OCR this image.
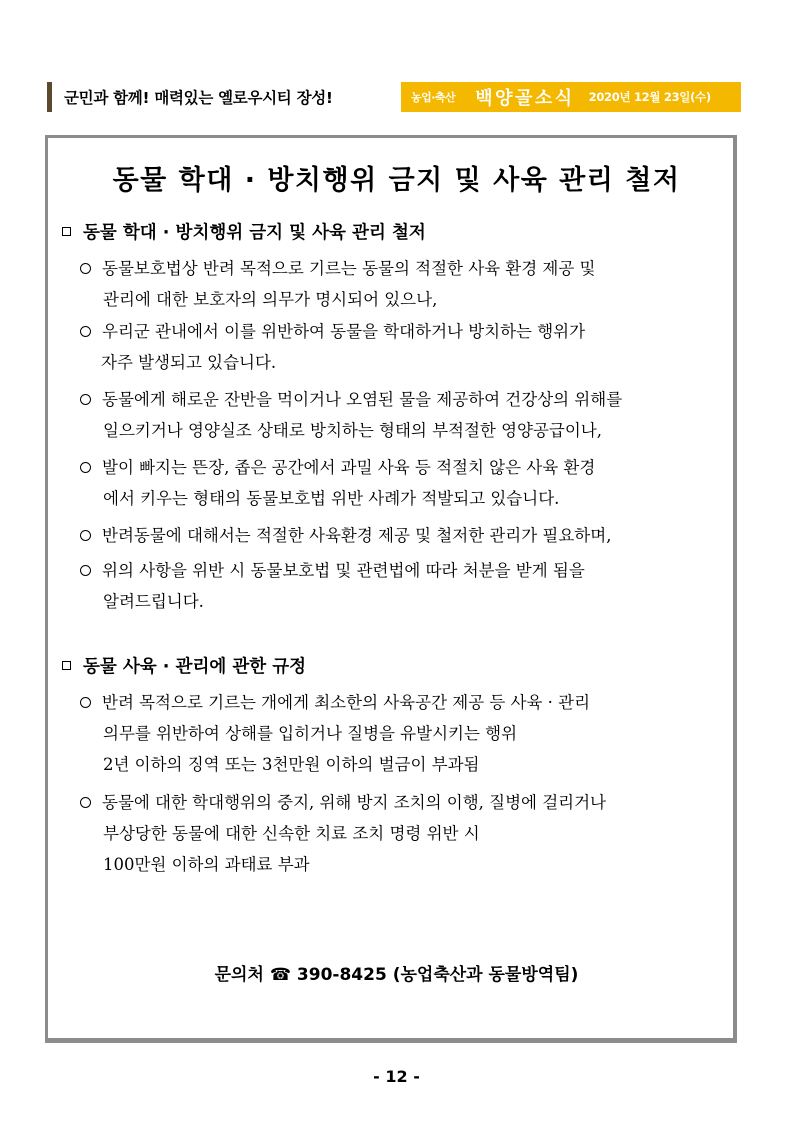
군민과 함께! 매력있는 옐로우시티 장성!	농업·축산 백양골소식 2020년 12월 23일(수)
동물 학대 · 방치행위 금지 및 사육 관리 철저
동물 학대 · 방치행위 금지 및 사육 관리 철저
동물보호법상 반려 목적으로 기르는 동물의 적절한 사육 환경 제공 및
관리에 대한 보호자의 의무가 명시되어 있으나,
우리군 관내에서 이를 위반하여 동물을 학대하거나 방치하는 행위가
자주 발생되고 있습니다.
동물에게 해로운 잔반을 먹이거나 오염된 물을 제공하여 건강상의 위해를
일으키거나 영양실조 상태로 방치하는 형태의 부적절한 영양공급이나,
발이 빠지는 뜬장, 좁은 공간에서 과밀 사육 등 적절치 않은 사육 환경
에서 키우는 형태의 동물보호법 위반 사례가 적발되고 있습니다.
반려동물에 대해서는 적절한 사육환경 제공 및 철저한 관리가 필요하며,
위의 사항을 위반 시 동물보호법 및 관련법에 따라 처분을 받게 됨을
알려드립니다.
동물 사육 · 관리에 관한 규정
반려 목적으로 기르는 개에게 최소한의 사육공간 제공 등 사육 · 관리
의무를 위반하여 상해를 입히거나 질병을 유발시키는 행위
2년 이하의 징역 또는 3천만원 이하의 벌금이 부과됨
동물에 대한 학대행위의 중지, 위해 방지 조치의 이행, 질병에 걸리거나
부상당한 동물에 대한 신속한 치료 조치 명령 위반 시
100만원 이하의 과태료 부과
문의처 ☎ 390-8425 (농업축산과 동물방역팀)
- 12 -
